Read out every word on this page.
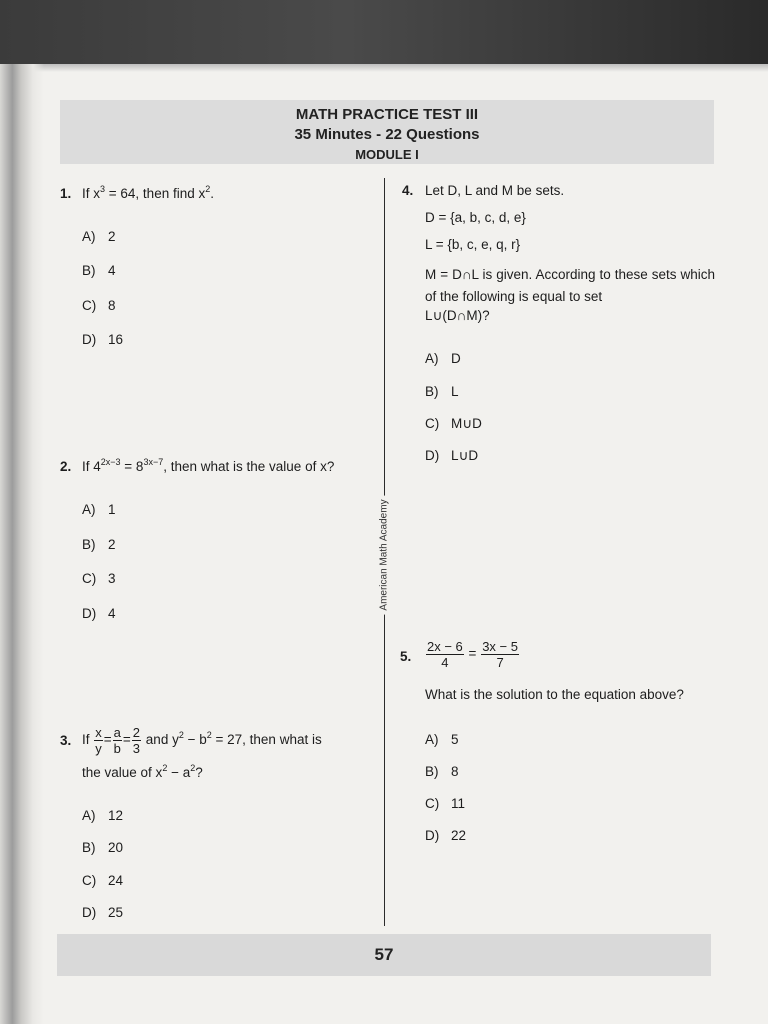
MATH PRACTICE TEST III
35 Minutes - 22 Questions
MODULE I
American Math Academy
1. If $x^3 = 64$, then find $x^2$.
A) 2
B) 4
C) 8
D) 16
2. If $4^{2x-3} = 8^{3x-7}$, then what is the value of x?
A) 1
B) 2
C) 3
D) 4
3. If $\frac{x}{y} = \frac{a}{b} = \frac{2}{3}$ and $y^2 - b^2 = 27$, then what is
the value of $x^2 - a^2$?
A) 12
B) 20
C) 24
D) 25
4. Let D, L and M be sets.
D = {a, b, c, d, e}
L = {b, c, e, q, r}
M = D∩L is given. According to these sets which of the following is equal to set
L∪(D∩M)?
A) D
B) L
C) M∪D
D) L∪D
5. $\frac{2x - 6}{4} = \frac{3x - 5}{7}$
What is the solution to the equation above?
A) 5
B) 8
C) 11
D) 22
57
